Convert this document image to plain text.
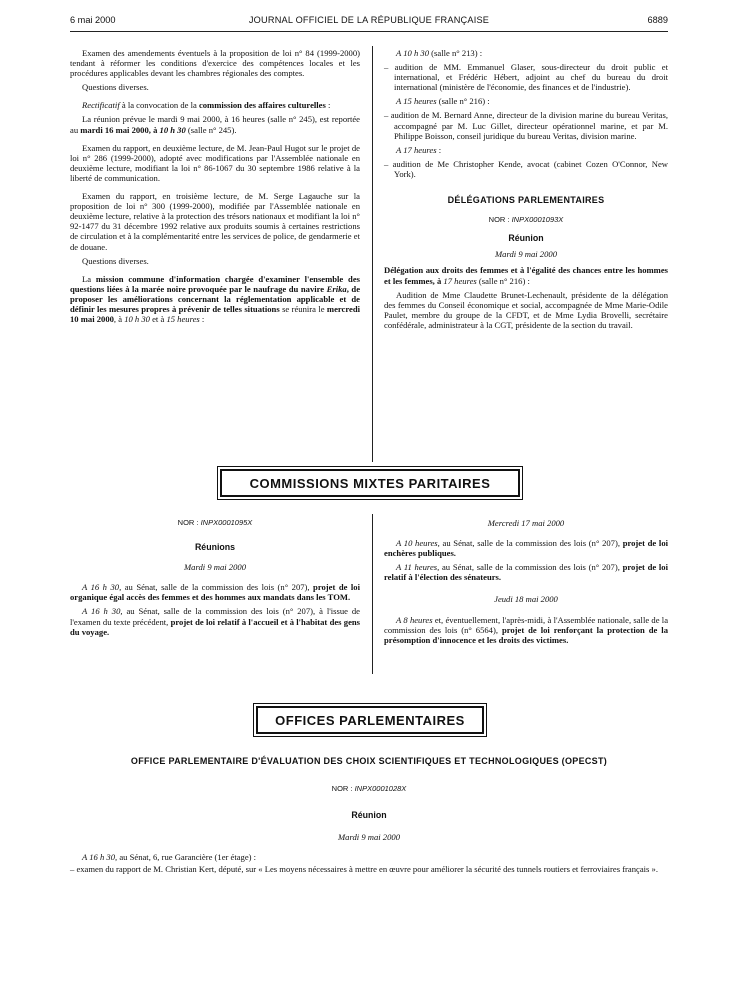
6 mai 2000	JOURNAL OFFICIEL DE LA RÉPUBLIQUE FRANÇAISE	6889

Examen des amendements éventuels à la proposition de loi n° 84 (1999-2000) tendant à réformer les conditions d'exercice des compétences locales et les procédures applicables devant les chambres régionales des comptes.

Questions diverses.

Rectificatif à la convocation de la commission des affaires culturelles :

La réunion prévue le mardi 9 mai 2000, à 16 heures (salle n° 245), est reportée au mardi 16 mai 2000, à 10 h 30 (salle n° 245).

Examen du rapport, en deuxième lecture, de M. Jean-Paul Hugot sur le projet de loi n° 286 (1999-2000), adopté avec modifications par l'Assemblée nationale en deuxième lecture, modifiant la loi n° 86-1067 du 30 septembre 1986 relative à la liberté de communication.

Examen du rapport, en troisième lecture, de M. Serge Lagauche sur la proposition de loi n° 300 (1999-2000), modifiée par l'Assemblée nationale en deuxième lecture, relative à la protection des trésors nationaux et modifiant la loi n° 92-1477 du 31 décembre 1992 relative aux produits soumis à certaines restrictions de circulation et à la complémentarité entre les services de police, de gendarmerie et de douane.

Questions diverses.

La mission commune d'information chargée d'examiner l'ensemble des questions liées à la marée noire provoquée par le naufrage du navire Erika, de proposer les améliorations concernant la réglementation applicable et de définir les mesures propres à prévenir de telles situations se réunira le mercredi 10 mai 2000, à 10 h 30 et à 15 heures :

A 10 h 30 (salle n° 213) :

– audition de MM. Emmanuel Glaser, sous-directeur du droit public et international, et Frédéric Hébert, adjoint au chef du bureau du droit international (ministère de l'économie, des finances et de l'industrie).

A 15 heures (salle n° 216) :

– audition de M. Bernard Anne, directeur de la division marine du bureau Veritas, accompagné par M. Luc Gillet, directeur opérationnel marine, et par M. Philippe Boisson, conseil juridique du bureau Veritas, division marine.

A 17 heures :

– audition de Me Christopher Kende, avocat (cabinet Cozen O'Connor, New York).

DÉLÉGATIONS PARLEMENTAIRES

NOR : INPX0001093X

Réunion

Mardi 9 mai 2000

Délégation aux droits des femmes et à l'égalité des chances entre les hommes et les femmes, à 17 heures (salle n° 216) :

Audition de Mme Claudette Brunet-Lechenault, présidente de la délégation des femmes du Conseil économique et social, accompagnée de Mme Marie-Odile Paulet, membre du groupe de la CFDT, et de Mme Lydia Brovelli, secrétaire confédérale, administrateur à la CGT, présidente de la section du travail.

COMMISSIONS MIXTES PARITAIRES

NOR : INPX0001095X

Réunions

Mardi 9 mai 2000

A 16 h 30, au Sénat, salle de la commission des lois (n° 207), projet de loi organique égal accès des femmes et des hommes aux mandats dans les TOM.

A 16 h 30, au Sénat, salle de la commission des lois (n° 207), à l'issue de l'examen du texte précédent, projet de loi relatif à l'accueil et à l'habitat des gens du voyage.

Mercredi 17 mai 2000

A 10 heures, au Sénat, salle de la commission des lois (n° 207), projet de loi enchères publiques.

A 11 heures, au Sénat, salle de la commission des lois (n° 207), projet de loi relatif à l'élection des sénateurs.

Jeudi 18 mai 2000

A 8 heures et, éventuellement, l'après-midi, à l'Assemblée nationale, salle de la commission des lois (n° 6564), projet de loi renforçant la protection de la présomption d'innocence et les droits des victimes.

OFFICES PARLEMENTAIRES

OFFICE PARLEMENTAIRE D'ÉVALUATION DES CHOIX SCIENTIFIQUES ET TECHNOLOGIQUES (OPECST)

NOR : INPX0001028X

Réunion

Mardi 9 mai 2000

A 16 h 30, au Sénat, 6, rue Garancière (1er étage) :

– examen du rapport de M. Christian Kert, député, sur « Les moyens nécessaires à mettre en œuvre pour améliorer la sécurité des tunnels routiers et ferroviaires français ».
